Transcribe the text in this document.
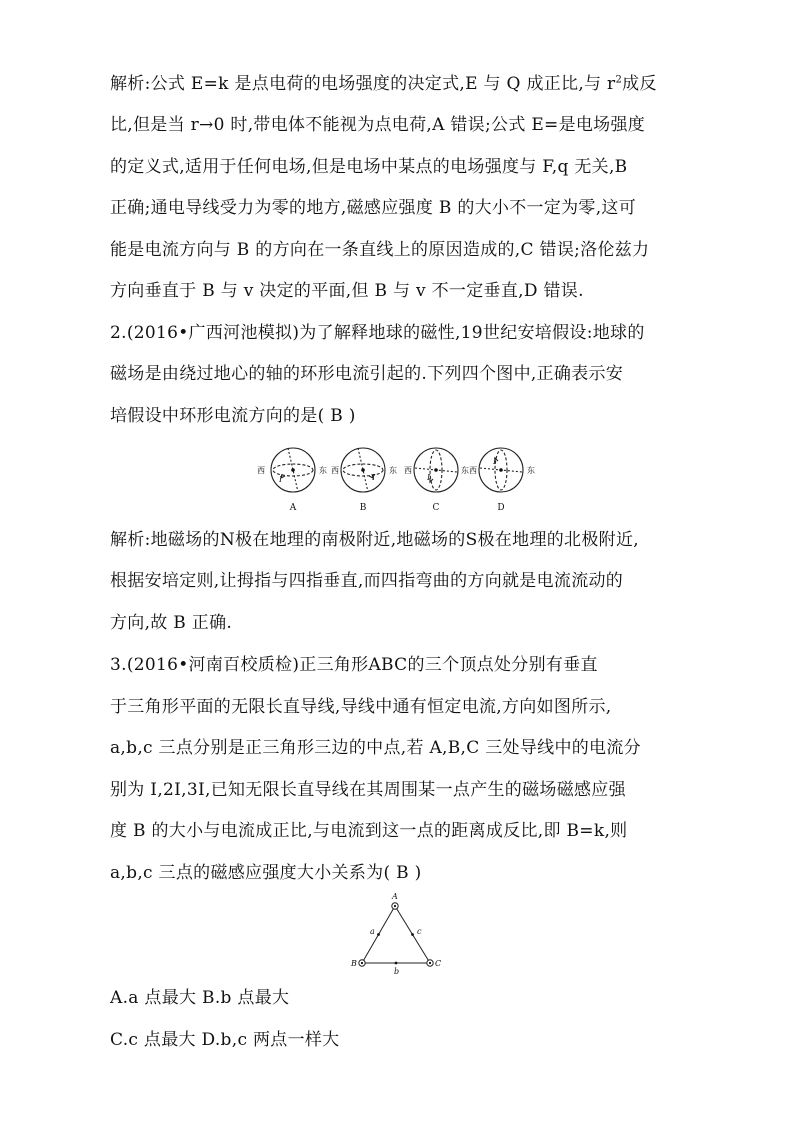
解析:公式 E=k 是点电荷的电场强度的决定式,E 与 Q 成正比,与 $r^2$成反
比,但是当 r→0 时,带电体不能视为点电荷,A 错误;公式 E=是电场强度
的定义式,适用于任何电场,但是电场中某点的电场强度与 F,q 无关,B
正确;通电导线受力为零的地方,磁感应强度 B 的大小不一定为零,这可
能是电流方向与 B 的方向在一条直线上的原因造成的,C 错误;洛伦兹力
方向垂直于 B 与 v 决定的平面,但 B 与 v 不一定垂直,D 错误.
2.(2016•广西河池模拟)为了解释地球的磁性,19世纪安培假设:地球的
磁场是由绕过地心的轴的环形电流引起的.下列四个图中,正确表示安
培假设中环形电流方向的是( B )
西	东 西	东 西	东 西	东
I	I	I
I
A	B	C	D
解析:地磁场的N极在地理的南极附近,地磁场的S极在地理的北极附近,
根据安培定则,让拇指与四指垂直,而四指弯曲的方向就是电流流动的
方向,故 B 正确.
3.(2016•河南百校质检)正三角形ABC的三个顶点处分别有垂直
于三角形平面的无限长直导线,导线中通有恒定电流,方向如图所示,
a,b,c 三点分别是正三角形三边的中点,若 A,B,C 三处导线中的电流分
别为 I,2I,3I,已知无限长直导线在其周围某一点产生的磁场磁感应强
度 B 的大小与电流成正比,与电流到这一点的距离成反比,即 B=k,则
a,b,c 三点的磁感应强度大小关系为( B )
A
B	C
a	c
b
A.a 点最大 B.b 点最大
C.c 点最大 D.b,c 两点一样大
